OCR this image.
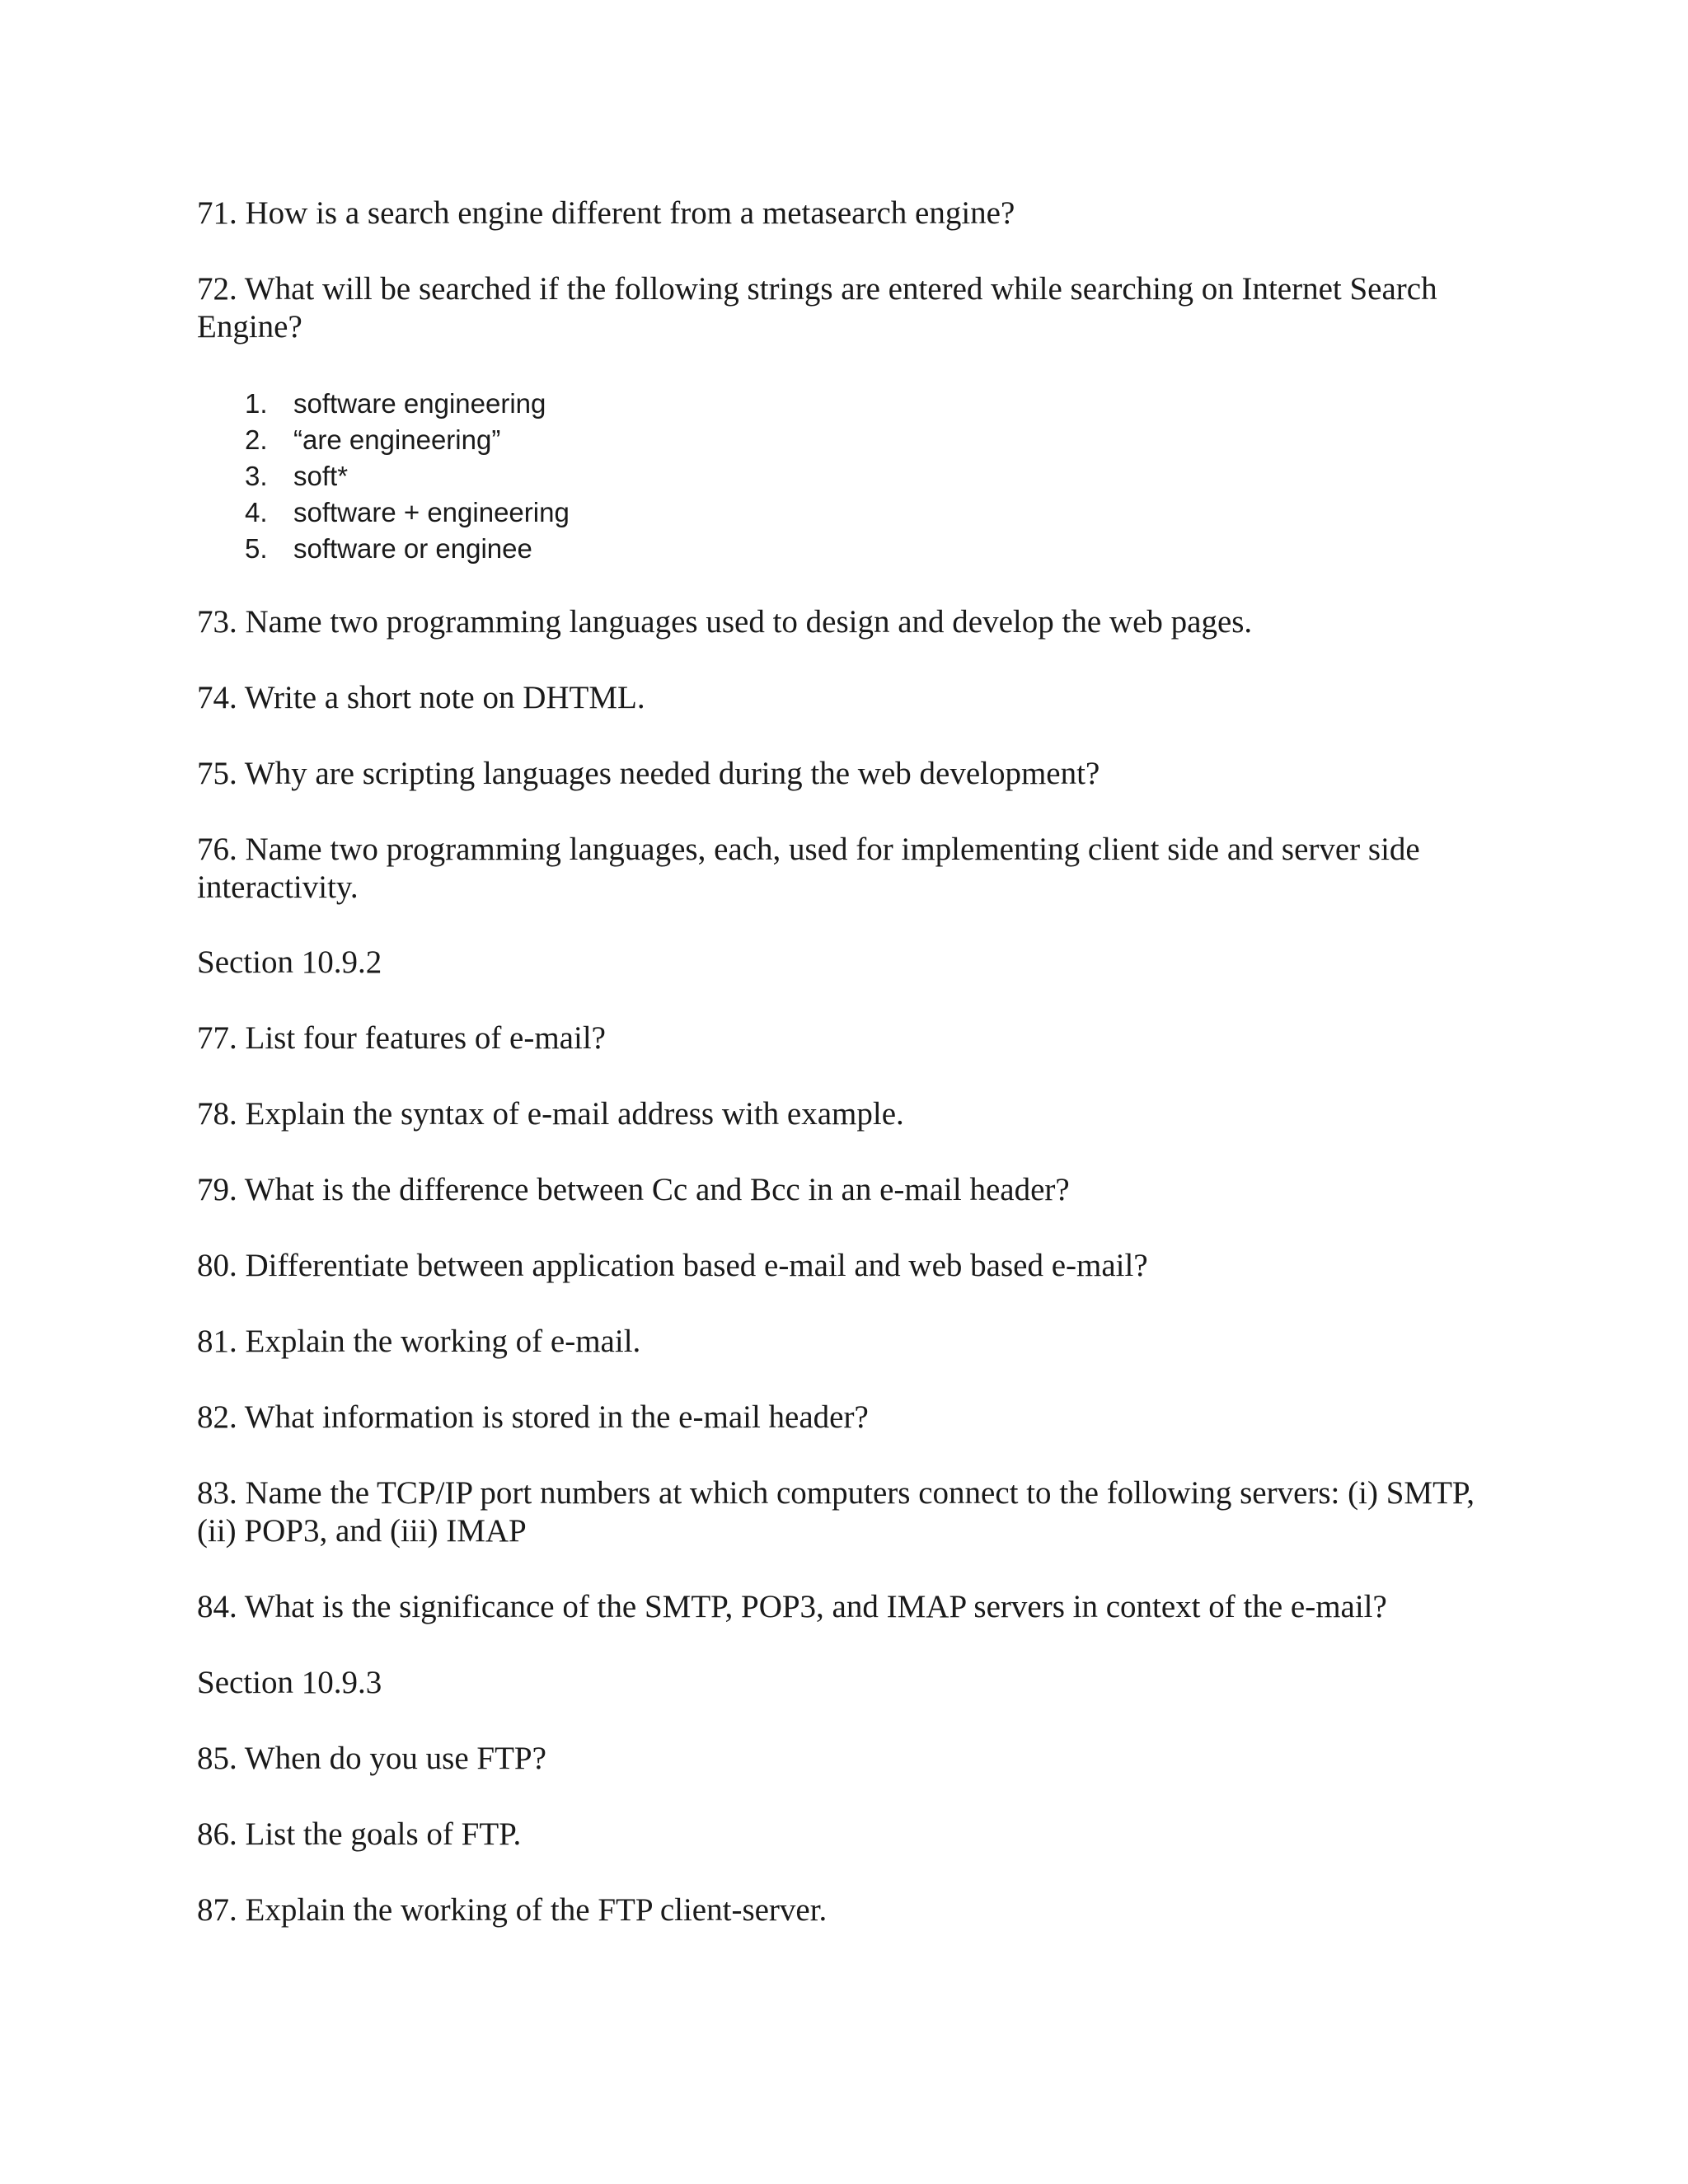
71. How is a search engine different from a metasearch engine?

72. What will be searched if the following strings are entered while searching on Internet Search Engine?

1. software engineering
2. “are engineering”
3. soft*
4. software + engineering
5. software or enginee

73. Name two programming languages used to design and develop the web pages.

74. Write a short note on DHTML.

75. Why are scripting languages needed during the web development?

76. Name two programming languages, each, used for implementing client side and server side interactivity.

Section 10.9.2

77. List four features of e-mail?

78. Explain the syntax of e-mail address with example.

79. What is the difference between Cc and Bcc in an e-mail header?

80. Differentiate between application based e-mail and web based e-mail?

81. Explain the working of e-mail.

82. What information is stored in the e-mail header?

83. Name the TCP/IP port numbers at which computers connect to the following servers: (i) SMTP, (ii) POP3, and (iii) IMAP

84. What is the significance of the SMTP, POP3, and IMAP servers in context of the e-mail?

Section 10.9.3

85. When do you use FTP?

86. List the goals of FTP.

87. Explain the working of the FTP client-server.
